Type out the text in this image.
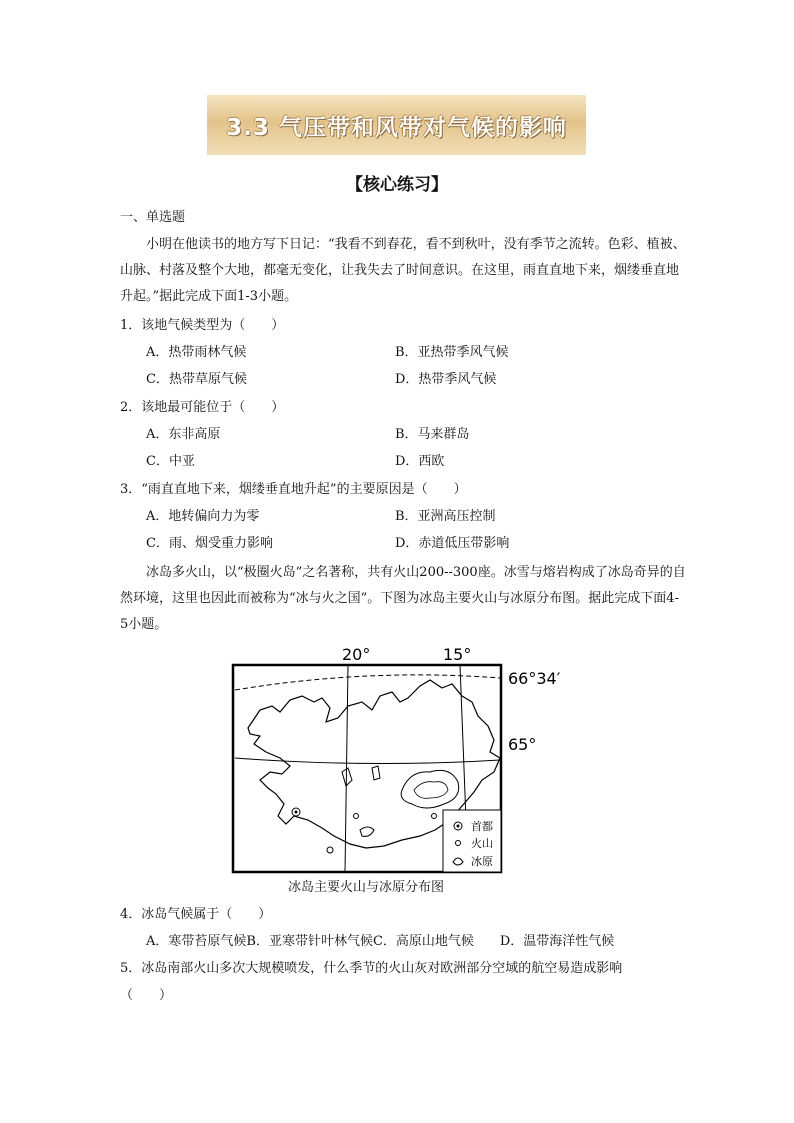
3.3 气压带和风带对气候的影响
【核心练习】
一、单选题
小明在他读书的地方写下日记：“我看不到春花，看不到秋叶，没有季节之流转。色彩、植被、山脉、村落及整个大地，都毫无变化，让我失去了时间意识。在这里，雨直直地下来，烟缕垂直地升起。”据此完成下面1-3小题。
1．该地气候类型为（　　）
A．热带雨林气候	B．亚热带季风气候
C．热带草原气候	D．热带季风气候
2．该地最可能位于（　　）
A．东非高原	B．马来群岛
C．中亚	D．西欧
3．“雨直直地下来，烟缕垂直地升起”的主要原因是（　　）
A．地转偏向力为零	B．亚洲高压控制
C．雨、烟受重力影响	D．赤道低压带影响
冰岛多火山，以“极圈火岛”之名著称，共有火山200--300座。冰雪与熔岩构成了冰岛奇异的自然环境，这里也因此而被称为“冰与火之国”。下图为冰岛主要火山与冰原分布图。据此完成下面4-5小题。
首都
火山
冰原
20°	15°
66°34′
65°
冰岛主要火山与冰原分布图
4．冰岛气候属于（　　）
A．寒带苔原气候B．亚寒带针叶林气候C．高原山地气候　　D．温带海洋性气候
5．冰岛南部火山多次大规模喷发，什么季节的火山灰对欧洲部分空域的航空易造成影响
（　　）
